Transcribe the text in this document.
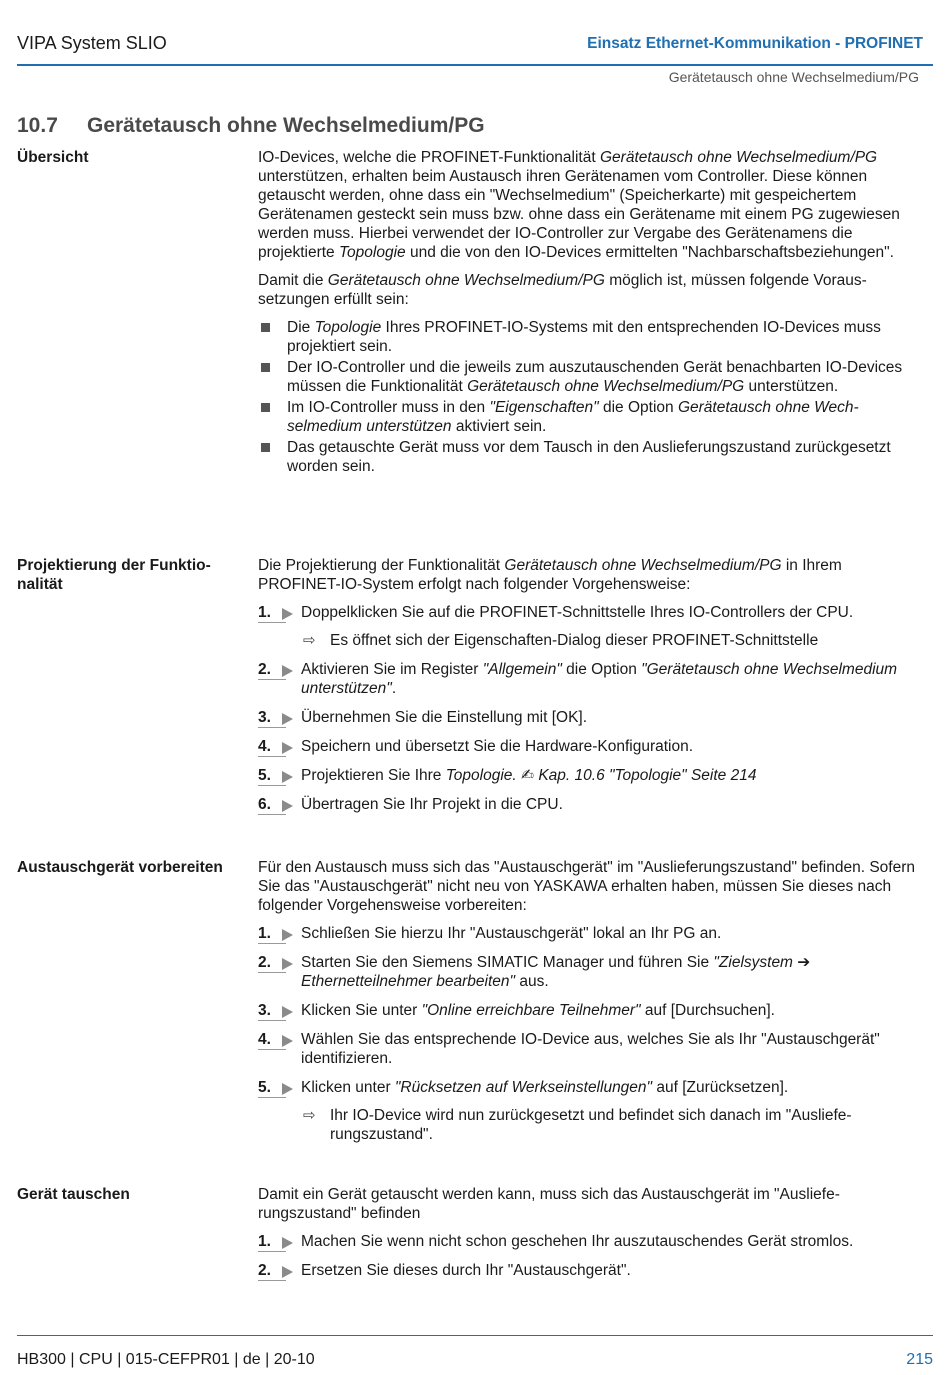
VIPA System SLIO	Einsatz Ethernet-Kommunikation - PROFINET
Gerätetausch ohne Wechselmedium/PG
10.7 Gerätetausch ohne Wechselmedium/PG
Übersicht	IO-Devices, welche die PROFINET-Funktionalität Gerätetausch ohne Wechselmedium/PG unterstützen, erhalten beim Austausch ihren Gerätenamen vom Controller. Diese können getauscht werden, ohne dass ein "Wechselmedium" (Speicherkarte) mit gespeichertem Gerätenamen gesteckt sein muss bzw. ohne dass ein Gerätename mit einem PG zugewiesen werden muss. Hierbei verwendet der IO-Controller zur Vergabe des Gerätenamens die projektierte Topologie und die von den IO-Devices ermittelten "Nachbarschaftsbeziehungen".

Damit die Gerätetausch ohne Wechselmedium/PG möglich ist, müssen folgende Voraussetzungen erfüllt sein:

Die Topologie Ihres PROFINET-IO-Systems mit den entsprechenden IO-Devices muss projektiert sein.
Der IO-Controller und die jeweils zum auszutauschenden Gerät benachbarten IO-Devices müssen die Funktionalität Gerätetausch ohne Wechselmedium/PG unterstützen.
Im IO-Controller muss in den "Eigenschaften" die Option Gerätetausch ohne Wechselmedium unterstützen aktiviert sein.
Das getauschte Gerät muss vor dem Tausch in den Auslieferungszustand zurückgesetzt worden sein.
Projektierung der Funktionalität

Die Projektierung der Funktionalität Gerätetausch ohne Wechselmedium/PG in Ihrem PROFINET-IO-System erfolgt nach folgender Vorgehensweise:

1. Doppelklicken Sie auf die PROFINET-Schnittstelle Ihres IO-Controllers der CPU.
⇨ Es öffnet sich der Eigenschaften-Dialog dieser PROFINET-Schnittstelle
2. Aktivieren Sie im Register "Allgemein" die Option "Gerätetausch ohne Wechselmedium unterstützen".
3. Übernehmen Sie die Einstellung mit [OK].
4. Speichern und übersetzt Sie die Hardware-Konfiguration.
5. Projektieren Sie Ihre Topologie. ✍ Kap. 10.6 "Topologie" Seite 214
6. Übertragen Sie Ihr Projekt in die CPU.
Austauschgerät vorbereiten	Für den Austausch muss sich das "Austauschgerät" im "Auslieferungszustand" befinden. Sofern Sie das "Austauschgerät" nicht neu von YASKAWA erhalten haben, müssen Sie dieses nach folgender Vorgehensweise vorbereiten:

1. Schließen Sie hierzu Ihr "Austauschgerät" lokal an Ihr PG an.
2. Starten Sie den Siemens SIMATIC Manager und führen Sie "Zielsystem ➔ Ethernetteilnehmer bearbeiten" aus.
3. Klicken Sie unter "Online erreichbare Teilnehmer" auf [Durchsuchen].
4. Wählen Sie das entsprechende IO-Device aus, welches Sie als Ihr "Austauschgerät" identifizieren.
5. Klicken unter "Rücksetzen auf Werkseinstellungen" auf [Zurücksetzen].
⇨ Ihr IO-Device wird nun zurückgesetzt und befindet sich danach im "Auslieferungszustand".
Gerät tauschen	Damit ein Gerät getauscht werden kann, muss sich das Austauschgerät im "Auslieferungszustand" befinden

1. Machen Sie wenn nicht schon geschehen Ihr auszutauschendes Gerät stromlos.
2. Ersetzen Sie dieses durch Ihr "Austauschgerät".
HB300 | CPU | 015-CEFPR01 | de | 20-10	215
